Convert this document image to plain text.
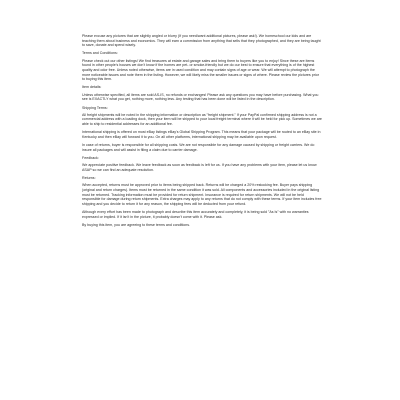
Please excuse any pictures that are slightly angled or blurry (If you need/want additional pictures, please ask!). We homeschool our kids and are teaching them about business and economics. They will earn a commission from anything that sells that they photographed, and they are being taught to save, donate and spend wisely.

Terms and Conditions:

Please check out our other listings! We find treasures at estate and garage sales and bring them to buyers like you to enjoy! Since these are items found in other people's houses we don't know if the homes are pet- or smoke-friendly but we do our best to ensure that everything is of the highest quality and odor free. Unless noted otherwise, items are in used condition and may contain signs of age or wear. We will attempt to photograph the more noticeable issues and note them in the listing. However, we will likely miss the smaller issues or signs of where. Please review the pictures prior to buying this item.

Item details:

Unless otherwise specified, all items are sold AS-IS, no refunds or exchanges! Please ask any questions you may have before purchasing. What you see is EXACTLY what you get, nothing more, nothing less. Any testing that has been done will be listed in the description.

Shipping Terms:

All freight shipments will be noted in the shipping information or description as "freight shipment." If your PayPal confirmed shipping address is not a commercial address with a loading dock, then your item will be shipped to your local freight terminal where it will be held for pick up. Sometimes we are able to ship to residential addresses for an additional fee.

International shipping is offered on most eBay listings eBay's Global Shipping Program. This means that your package will be routed to an eBay site in Kentucky and then eBay will forward it to you. On all other platforms, international shipping may be available upon request.

In case of returns, buyer is responsible for all shipping costs. We are not responsible for any damage caused by shipping or freight carriers. We do insure all packages and will assist in filing a claim due to carrier damage.

Feedback:

We appreciate positive feedback. We leave feedback as soon as feedback is left for us. If you have any problems with your item, please let us know ASAP so we can find an adequate resolution.

Returns:

When accepted, returns must be approved prior to items being shipped back. Returns will be charged a 20% restocking fee. Buyer pays shipping (original and return charges). Items must be returned in the same condition it was sold. All components and accessories included in the original listing must be returned. Tracking information must be provided for return shipment. Insurance is required for return shipments. We will not be held responsible for damage during return shipments. Extra charges may apply to any returns that do not comply with these terms. If your item includes free shipping and you decide to return it for any reason, the shipping fees will be deducted from your refund.

Although every effort has been made to photograph and describe this item accurately and completely, it is being sold "As Is" with no warranties expressed or implied. If it isn't in the picture, it probably doesn't come with it. Please ask.

By buying this item, you are agreeing to these terms and conditions.
